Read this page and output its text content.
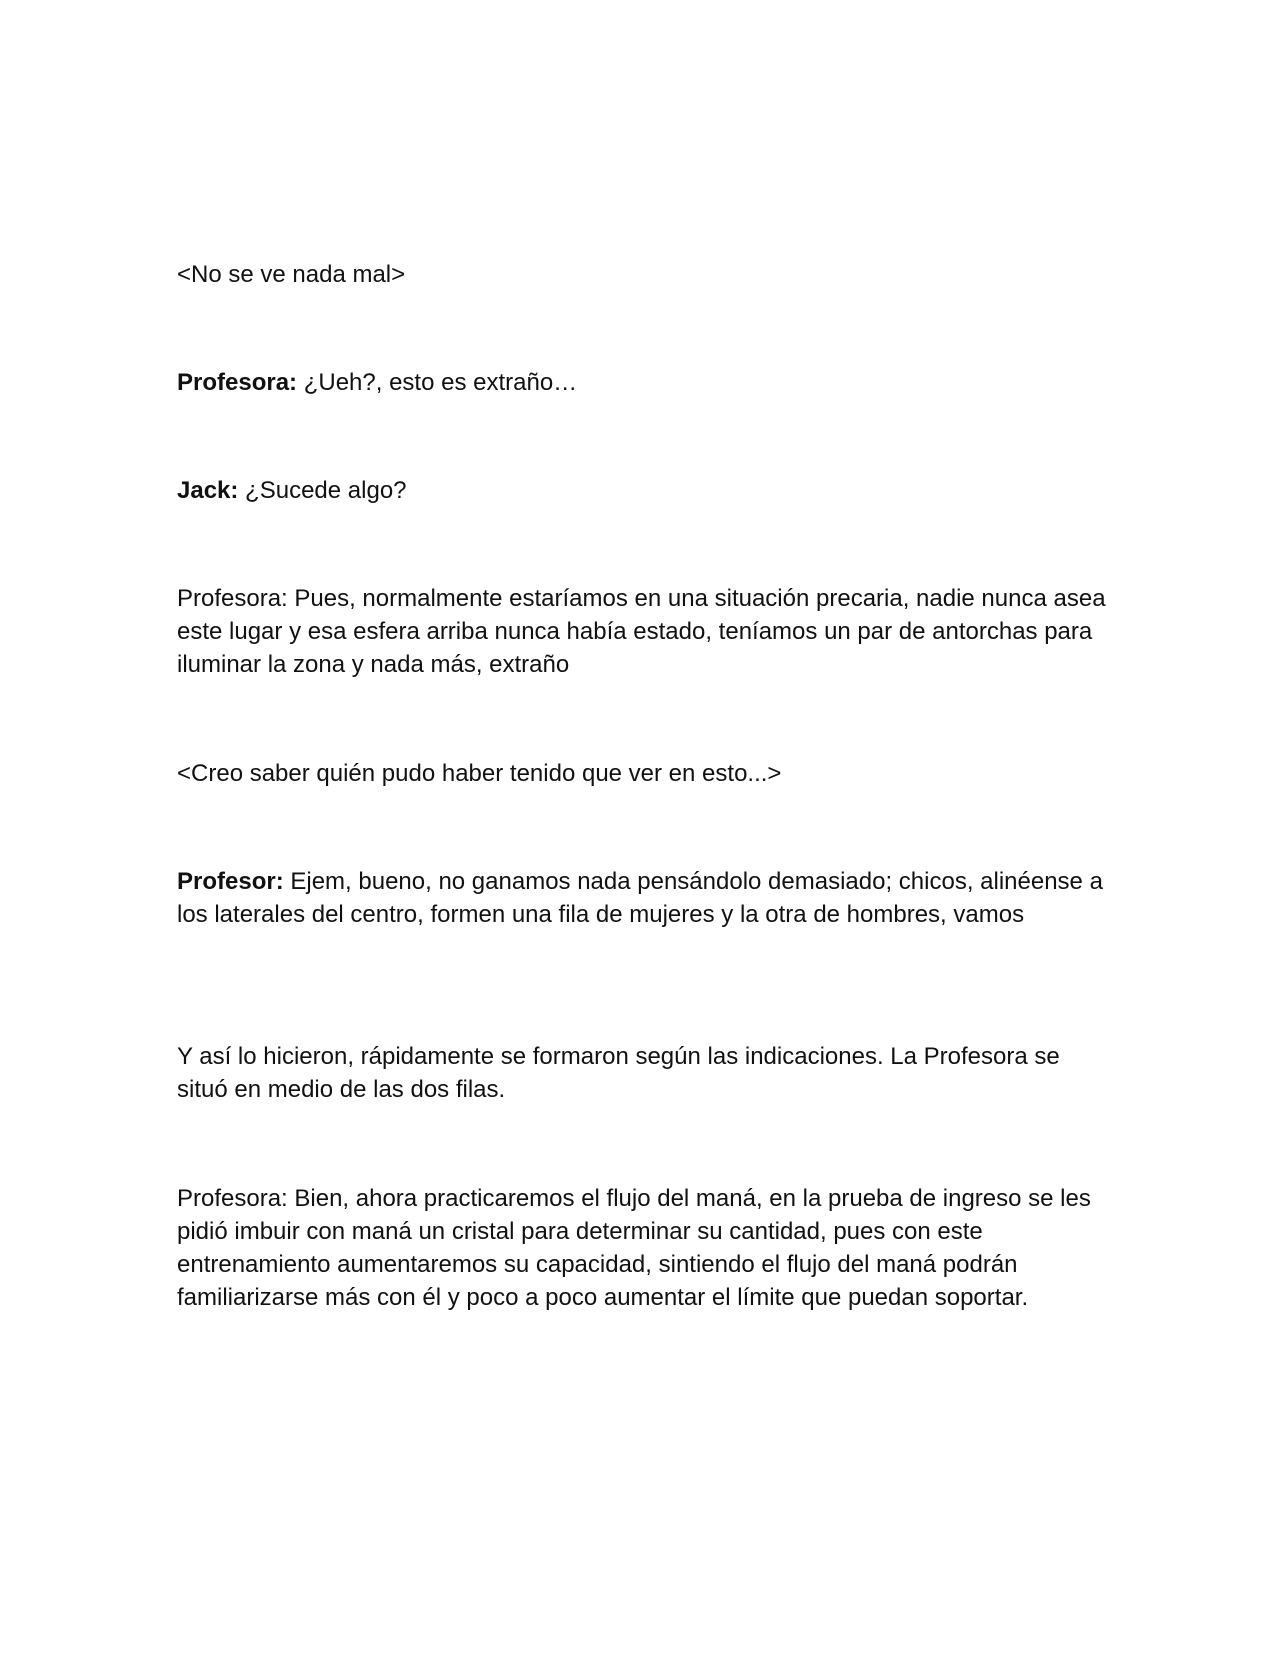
<No se ve nada mal>

Profesora: ¿Ueh?, esto es extraño…

Jack: ¿Sucede algo?

Profesora: Pues, normalmente estaríamos en una situación precaria, nadie nunca asea este lugar y esa esfera arriba nunca había estado, teníamos un par de antorchas para iluminar la zona y nada más, extraño

<Creo saber quién pudo haber tenido que ver en esto...>

Profesor: Ejem, bueno, no ganamos nada pensándolo demasiado; chicos, alinéense a los laterales del centro, formen una fila de mujeres y la otra de hombres, vamos

Y así lo hicieron, rápidamente se formaron según las indicaciones. La Profesora se situó en medio de las dos filas.

Profesora: Bien, ahora practicaremos el flujo del maná, en la prueba de ingreso se les pidió imbuir con maná un cristal para determinar su cantidad, pues con este entrenamiento aumentaremos su capacidad, sintiendo el flujo del maná podrán familiarizarse más con él y poco a poco aumentar el límite que puedan soportar.
